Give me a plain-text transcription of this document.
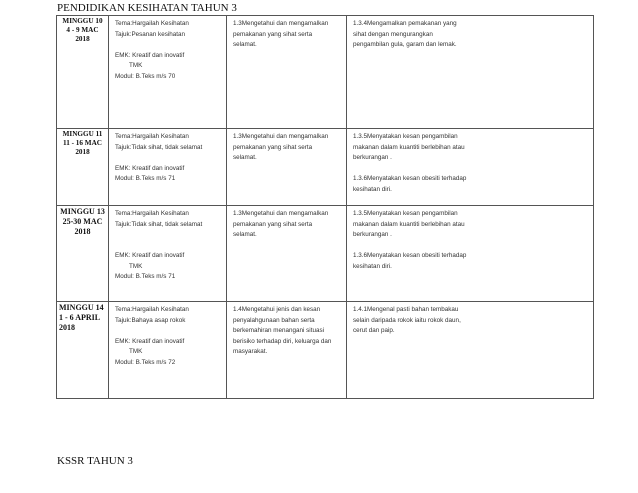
PENDIDIKAN KESIHATAN TAHUN 3
MINGGU 10
4 - 9 MAC
2018	Tema:Hargailah Kesihatan
Tajuk:Pesanan kesihatan
EMK: Kreatif dan inovatif
TMK
Modul: B.Teks m/s 70	1.3Mengetahui dan mengamalkan
pemakanan yang sihat serta
selamat.	1.3.4Mengamalkan pemakanan yang
sihat dengan mengurangkan
pengambilan gula, garam dan lemak.

MINGGU 11
11 - 16 MAC
2018	Tema:Hargailah Kesihatan
Tajuk:Tidak sihat, tidak selamat
EMK: Kreatif dan inovatif
Modul: B.Teks m/s 71	1.3Mengetahui dan mengamalkan
pemakanan yang sihat serta
selamat.	1.3.5Menyatakan kesan pengambilan
makanan dalam kuantiti berlebihan atau
berkurangan .
1.3.6Menyatakan kesan obesiti terhadap
kesihatan diri.

MINGGU 13
25-30 MAC
2018	Tema:Hargailah Kesihatan
Tajuk:Tidak sihat, tidak selamat
EMK: Kreatif dan inovatif
TMK
Modul: B.Teks m/s 71	1.3Mengetahui dan mengamalkan
pemakanan yang sihat serta
selamat.	1.3.5Menyatakan kesan pengambilan
makanan dalam kuantiti berlebihan atau
berkurangan .
1.3.6Menyatakan kesan obesiti terhadap
kesihatan diri.

MINGGU 14
1 - 6 APRIL
2018	Tema:Hargailah Kesihatan
Tajuk:Bahaya asap rokok
EMK: Kreatif dan inovatif
TMK
Modul: B.Teks m/s 72	1.4Mengetahui jenis dan kesan
penyalahgunaan bahan serta
berkemahiran menangani situasi
berisiko terhadap diri, keluarga dan
masyarakat.	1.4.1Mengenal pasti bahan tembakau
selain daripada rokok iaitu rokok daun,
cerut dan paip.
KSSR TAHUN 3
